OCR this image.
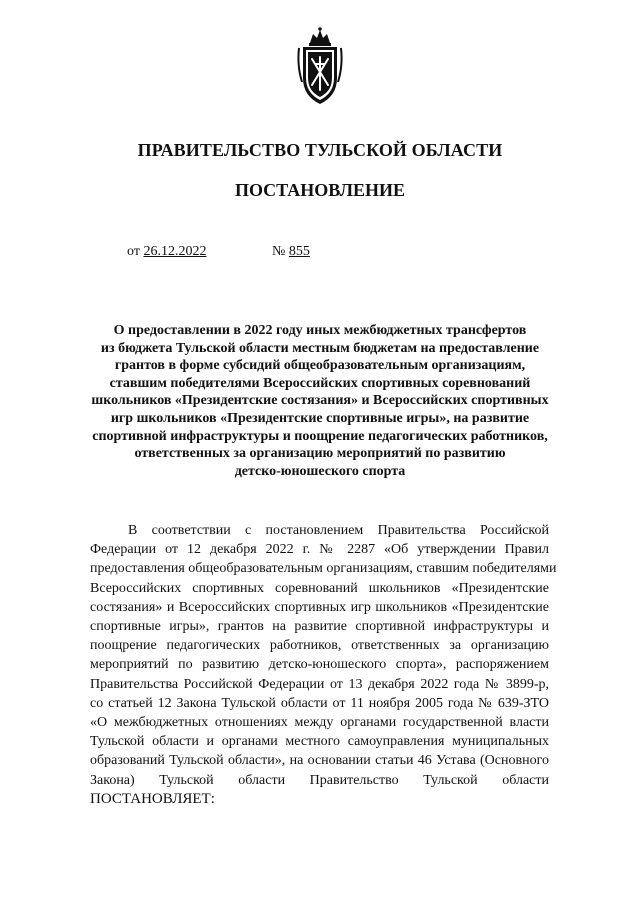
ПРАВИТЕЛЬСТВО ТУЛЬСКОЙ ОБЛАСТИ
ПОСТАНОВЛЕНИЕ
от 26.12.2022	№ 855
О предоставлении в 2022 году иных межбюджетных трансфертов
из бюджета Тульской области местным бюджетам на предоставление
грантов в форме субсидий общеобразовательным организациям,
ставшим победителями Всероссийских спортивных соревнований
школьников «Президентские состязания» и Всероссийских спортивных
игр школьников «Президентские спортивные игры», на развитие
спортивной инфраструктуры и поощрение педагогических работников,
ответственных за организацию мероприятий по развитию
детско-юношеского спорта
В соответствии с постановлением Правительства Российской
Федерации от 12 декабря 2022 г. № 2287 «Об утверждении Правил
предоставления общеобразовательным организациям, ставшим победителями
Всероссийских спортивных соревнований школьников «Президентские
состязания» и Всероссийских спортивных игр школьников «Президентские
спортивные игры», грантов на развитие спортивной инфраструктуры и
поощрение педагогических работников, ответственных за организацию
мероприятий по развитию детско-юношеского спорта», распоряжением
Правительства Российской Федерации от 13 декабря 2022 года № 3899-р,
со статьей 12 Закона Тульской области от 11 ноября 2005 года № 639-ЗТО
«О межбюджетных отношениях между органами государственной власти
Тульской области и органами местного самоуправления муниципальных
образований Тульской области», на основании статьи 46 Устава (Основного
Закона) Тульской области Правительство Тульской области
ПОСТАНОВЛЯЕТ:
